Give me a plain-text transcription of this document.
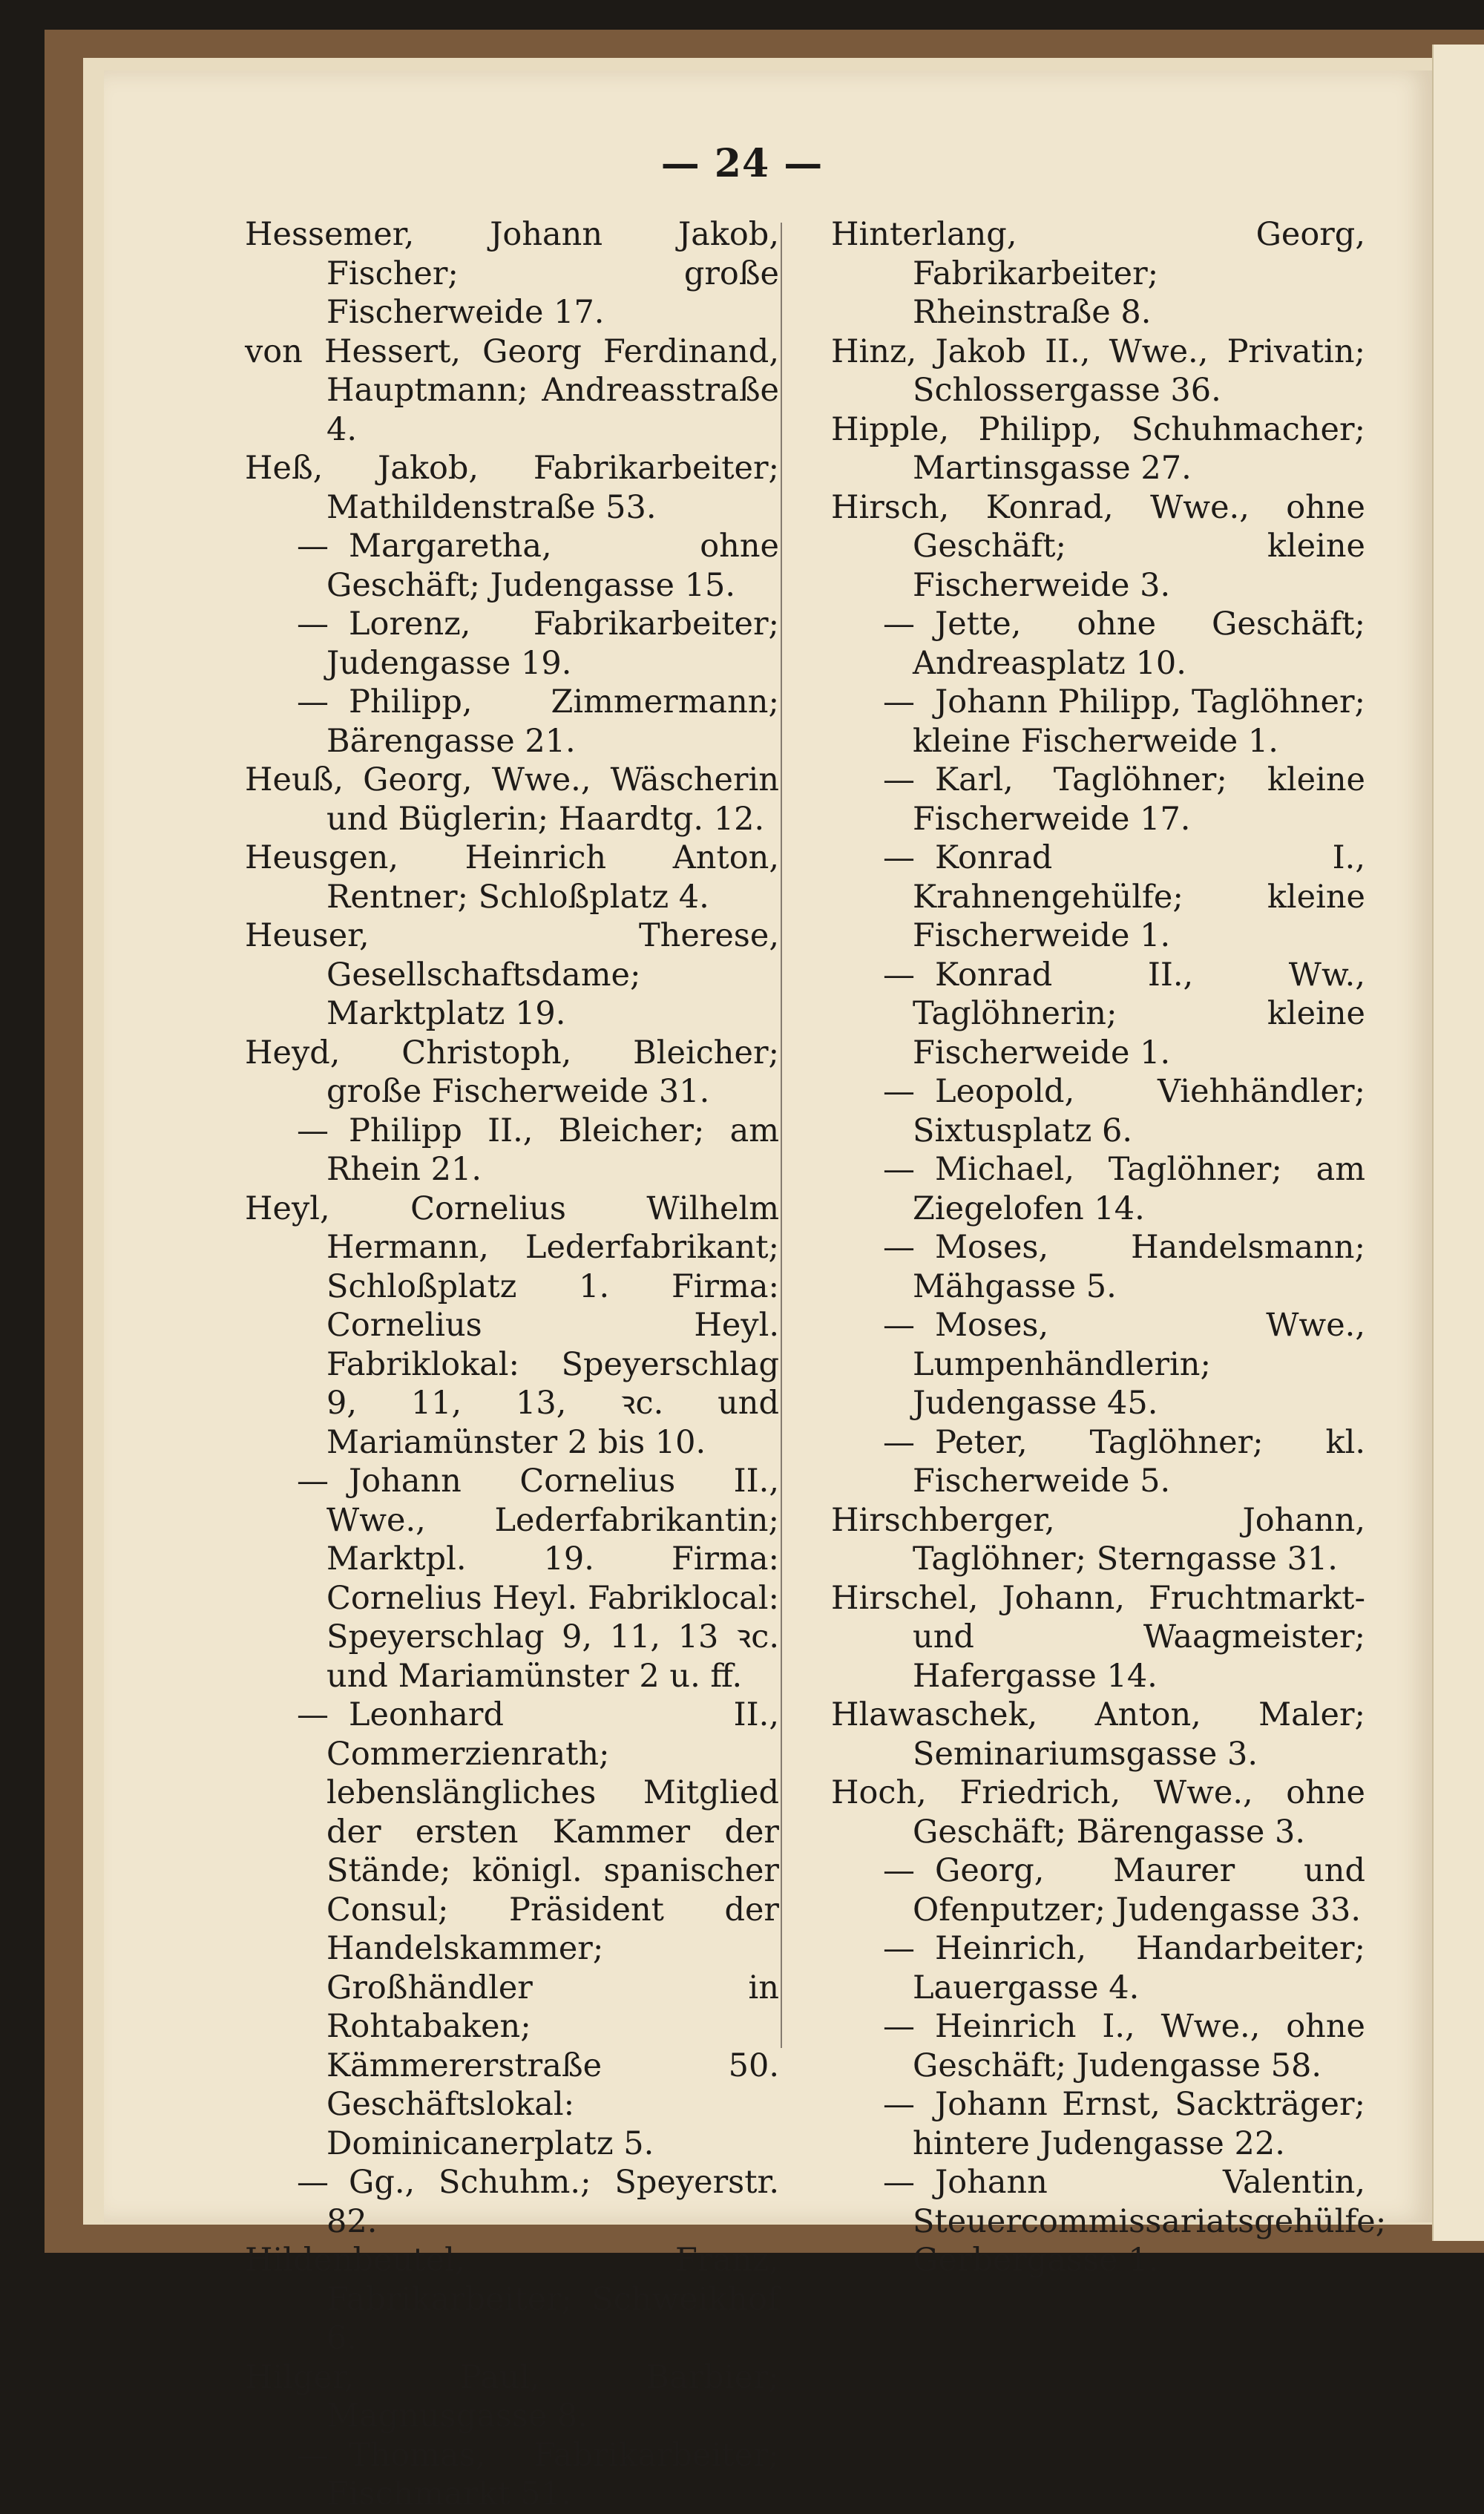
— 24 —
Hessemer, Johann Jakob, Fischer; große Fischerweide 17.
von Hessert, Georg Ferdinand, Hauptmann; Andreasstraße 4.
Heß, Jakob, Fabrikarbeiter; Mathildenstraße 53.
— Margaretha, ohne Geschäft; Judengasse 15.
— Lorenz, Fabrikarbeiter; Judengasse 19.
— Philipp, Zimmermann; Bärengasse 21.
Heuß, Georg, Wwe., Wäscherin und Büglerin; Haardtg. 12.
Heusgen, Heinrich Anton, Rentner; Schloßplatz 4.
Heuser, Therese, Gesellschaftsdame; Marktplatz 19.
Heyd, Christoph, Bleicher; große Fischerweide 31.
— Philipp II., Bleicher; am Rhein 21.
Heyl, Cornelius Wilhelm Hermann, Lederfabrikant; Schloßplatz 1. Firma: Cornelius Heyl. Fabriklokal: Speyerschlag 9, 11, 13, ꝛc. und Mariamünster 2 bis 10.
— Johann Cornelius II., Wwe., Lederfabrikantin; Marktpl. 19. Firma: Cornelius Heyl. Fabriklocal: Speyerschlag 9, 11, 13 ꝛc. und Mariamünster 2 u. ff.
— Leonhard II., Commerzienrath; lebenslängliches Mitglied der ersten Kammer der Stände; königl. spanischer Consul; Präsident der Handelskammer; Großhändler in Rohtabaken; Kämmererstraße 50. Geschäftslokal: Dominicanerplatz 5.
— Gg., Schuhm.; Speyerstr. 82.
Hildenbeutel, Franz, Fabrikarbeiter; Schweikhof 6.
Hilger, Paul, Barbier; Magnusgasse 8.
— Thomas, Fabrikarbeiter; Fischmarkt 51.
Hinterlang, Georg, Fabrikarbeiter; Rheinstraße 8.
Hinz, Jakob II., Wwe., Privatin; Schlossergasse 36.
Hipple, Philipp, Schuhmacher; Martinsgasse 27.
Hirsch, Konrad, Wwe., ohne Geschäft; kleine Fischerweide 3.
— Jette, ohne Geschäft; Andreasplatz 10.
— Johann Philipp, Taglöhner; kleine Fischerweide 1.
— Karl, Taglöhner; kleine Fischerweide 17.
— Konrad I., Krahnengehülfe; kleine Fischerweide 1.
— Konrad II., Ww., Taglöhnerin; kleine Fischerweide 1.
— Leopold, Viehhändler; Sixtusplatz 6.
— Michael, Taglöhner; am Ziegelofen 14.
— Moses, Handelsmann; Mähgasse 5.
— Moses, Wwe., Lumpenhändlerin; Judengasse 45.
— Peter, Taglöhner; kl. Fischerweide 5.
Hirschberger, Johann, Taglöhner; Sterngasse 31.
Hirschel, Johann, Fruchtmarkt- und Waagmeister; Hafergasse 14.
Hlawaschek, Anton, Maler; Seminariumsgasse 3.
Hoch, Friedrich, Wwe., ohne Geschäft; Bärengasse 3.
— Georg, Maurer und Ofenputzer; Judengasse 33.
— Heinrich, Handarbeiter; Lauergasse 4.
— Heinrich I., Wwe., ohne Geschäft; Judengasse 58.
— Johann Ernst, Sackträger; hintere Judengasse 22.
— Johann Valentin, Steuercommissariatsgehülfe; Gerbergasse 1.
